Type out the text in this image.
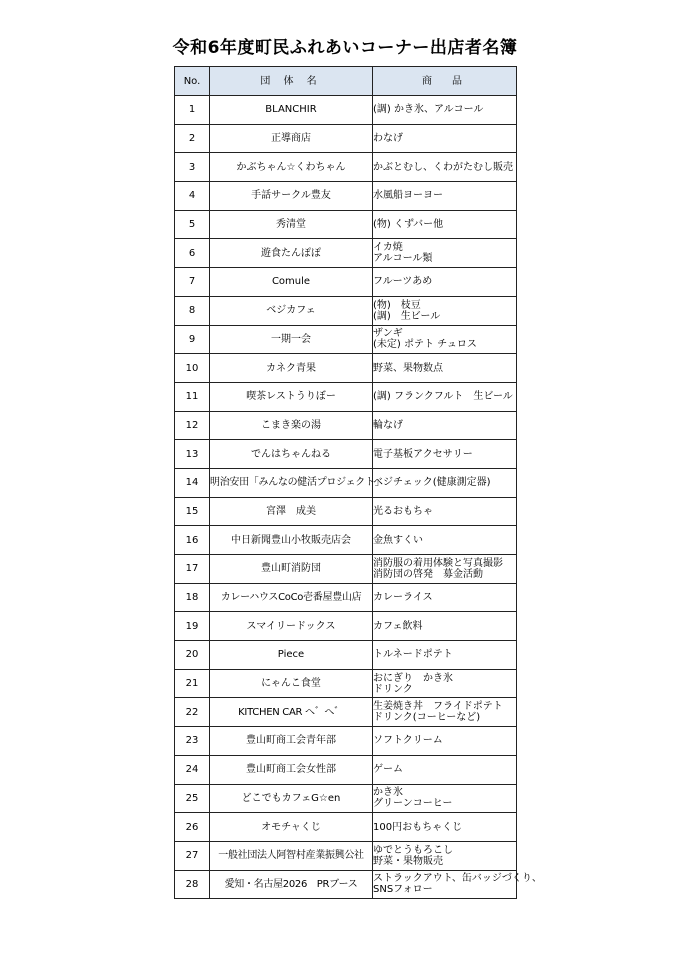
令和6年度町民ふれあいコーナー出店者名簿
No.	団 体 名	商　品
1	BLANCHIR	(調) かき氷、アルコール

2	正導商店	わなげ

3	かぶちゃん☆くわちゃん	かぶとむし、くわがたむし販売

4	手話サークル豊友	水風船ヨーヨー

5	秀清堂	(物) くずバー他

6	遊食たんぽぽ	イカ焼
アルコール類

7	Comule	フルーツあめ

8	ベジカフェ	(物)　枝豆
(調)　生ビール

9	一期一会	ザンギ
(未定) ポテト チュロス

10	カネク青果	野菜、果物数点

11	喫茶レストうりぼー	(調) フランクフルト　生ビール

12	こまき楽の湯	輪なげ

13	でんはちゃんねる	電子基板アクセサリー

14	明治安田「みんなの健活プロジェクト」	ベジチェック(健康測定器)

15	宮澤　成美	光るおもちゃ

16	中日新聞豊山小牧販売店会	金魚すくい

17	豊山町消防団	消防服の着用体験と写真撮影
消防団の啓発　募金活動

18	カレーハウスCoCo壱番屋豊山店	カレーライス

19	スマイリードックス	カフェ飲料

20	Piece	トルネードポテト

21	にゃんこ食堂	おにぎり　かき氷
ドリンク

22	KITCHEN CAR へ゛へ゛	生姜焼き丼　フライドポテト
ドリンク(コーヒーなど)

23	豊山町商工会青年部	ソフトクリーム

24	豊山町商工会女性部	ゲーム

25	どこでもカフェG☆en	かき氷
グリーンコーヒー

26	オモチャくじ	100円おもちゃくじ

27	一般社団法人阿智村産業振興公社	ゆでとうもろこし
野菜・果物販売

28	愛知・名古屋2026　PRブース	ストラックアウト、缶バッジづくり、
SNSフォロー
